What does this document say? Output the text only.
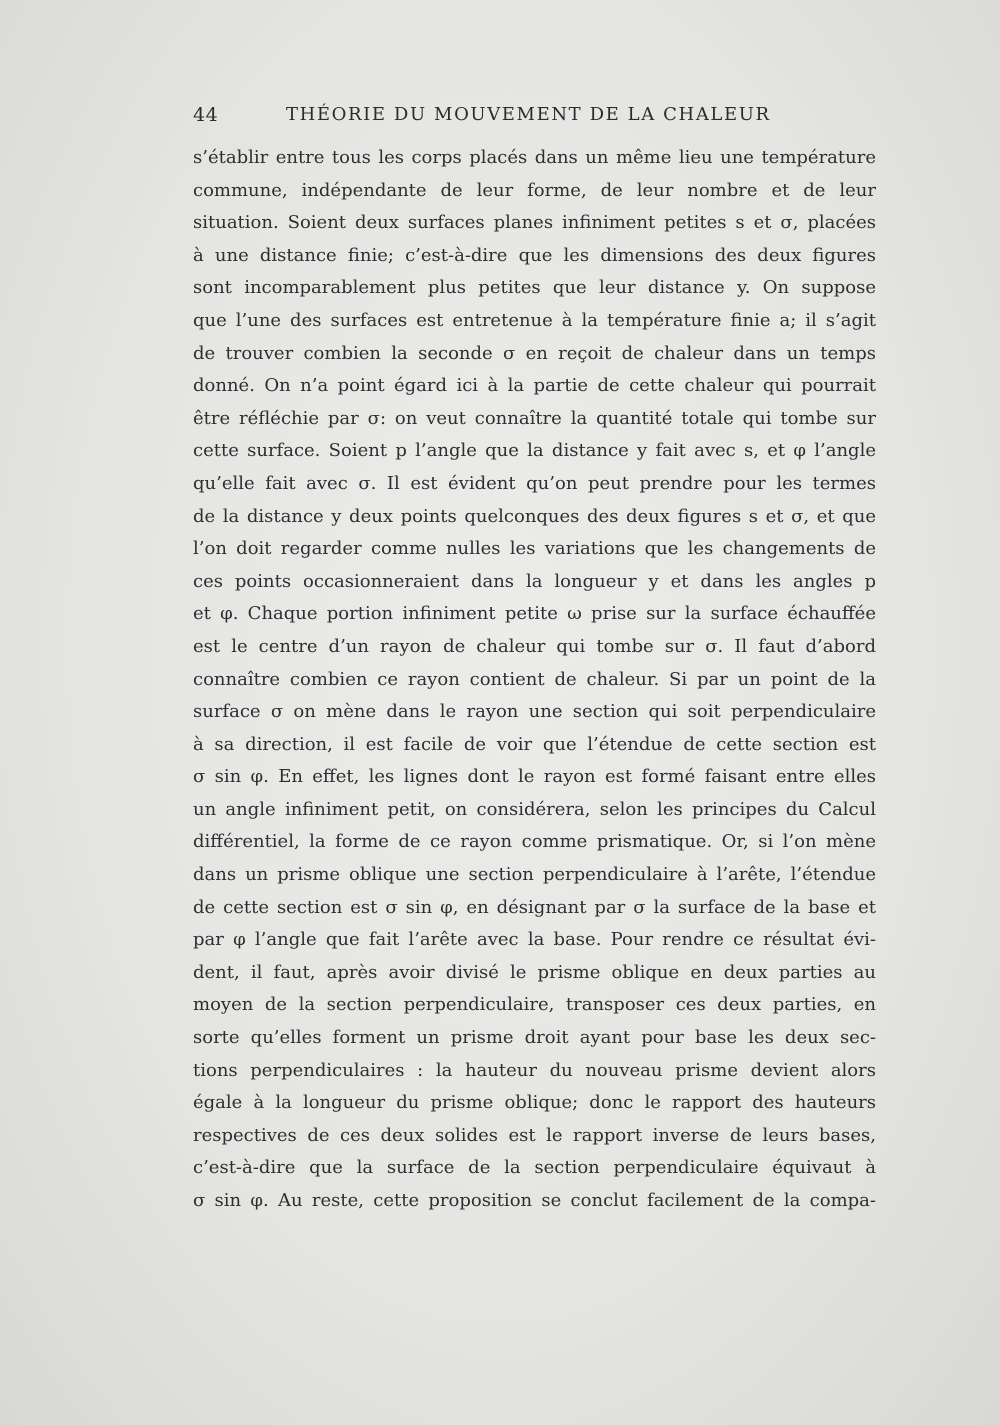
44	THÉORIE DU MOUVEMENT DE LA CHALEUR
s’établir entre tous les corps placés dans un même lieu une température
commune, indépendante de leur forme, de leur nombre et de leur
situation. Soient deux surfaces planes infiniment petites s et σ, placées
à une distance finie; c’est-à-dire que les dimensions des deux figures
sont incomparablement plus petites que leur distance y. On suppose
que l’une des surfaces est entretenue à la température finie a; il s’agit
de trouver combien la seconde σ en reçoit de chaleur dans un temps
donné. On n’a point égard ici à la partie de cette chaleur qui pourrait
être réfléchie par σ: on veut connaître la quantité totale qui tombe sur
cette surface. Soient p l’angle que la distance y fait avec s, et φ l’angle
qu’elle fait avec σ. Il est évident qu’on peut prendre pour les termes
de la distance y deux points quelconques des deux figures s et σ, et que
l’on doit regarder comme nulles les variations que les changements de
ces points occasionneraient dans la longueur y et dans les angles p
et φ. Chaque portion infiniment petite ω prise sur la surface échauffée
est le centre d’un rayon de chaleur qui tombe sur σ. Il faut d’abord
connaître combien ce rayon contient de chaleur. Si par un point de la
surface σ on mène dans le rayon une section qui soit perpendiculaire
à sa direction, il est facile de voir que l’étendue de cette section est
σ sin φ. En effet, les lignes dont le rayon est formé faisant entre elles
un angle infiniment petit, on considérera, selon les principes du Calcul
différentiel, la forme de ce rayon comme prismatique. Or, si l’on mène
dans un prisme oblique une section perpendiculaire à l’arête, l’étendue
de cette section est σ sin φ, en désignant par σ la surface de la base et
par φ l’angle que fait l’arête avec la base. Pour rendre ce résultat évi-
dent, il faut, après avoir divisé le prisme oblique en deux parties au
moyen de la section perpendiculaire, transposer ces deux parties, en
sorte qu’elles forment un prisme droit ayant pour base les deux sec-
tions perpendiculaires : la hauteur du nouveau prisme devient alors
égale à la longueur du prisme oblique; donc le rapport des hauteurs
respectives de ces deux solides est le rapport inverse de leurs bases,
c’est-à-dire que la surface de la section perpendiculaire équivaut à
σ sin φ. Au reste, cette proposition se conclut facilement de la compa-
